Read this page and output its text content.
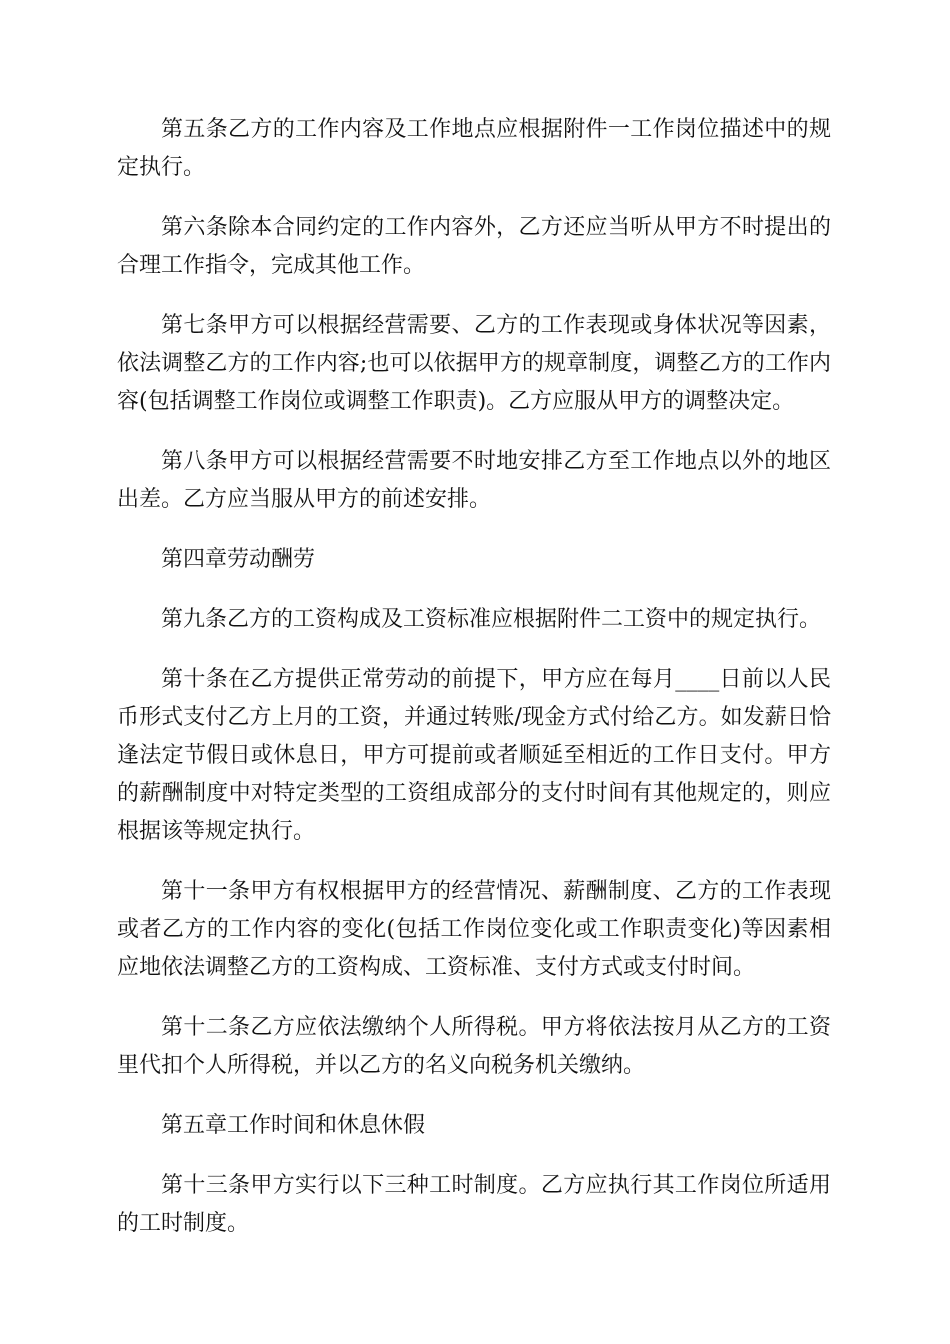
第五条乙方的工作内容及工作地点应根据附件一工作岗位描述中的规定执行。

第六条除本合同约定的工作内容外，乙方还应当听从甲方不时提出的合理工作指令，完成其他工作。

第七条甲方可以根据经营需要、乙方的工作表现或身体状况等因素，依法调整乙方的工作内容;也可以依据甲方的规章制度，调整乙方的工作内容(包括调整工作岗位或调整工作职责)。乙方应服从甲方的调整决定。

第八条甲方可以根据经营需要不时地安排乙方至工作地点以外的地区出差。乙方应当服从甲方的前述安排。

第四章劳动酬劳

第九条乙方的工资构成及工资标准应根据附件二工资中的规定执行。

第十条在乙方提供正常劳动的前提下，甲方应在每月____日前以人民币形式支付乙方上月的工资，并通过转账/现金方式付给乙方。如发薪日恰逢法定节假日或休息日，甲方可提前或者顺延至相近的工作日支付。甲方的薪酬制度中对特定类型的工资组成部分的支付时间有其他规定的，则应根据该等规定执行。

第十一条甲方有权根据甲方的经营情况、薪酬制度、乙方的工作表现或者乙方的工作内容的变化(包括工作岗位变化或工作职责变化)等因素相应地依法调整乙方的工资构成、工资标准、支付方式或支付时间。

第十二条乙方应依法缴纳个人所得税。甲方将依法按月从乙方的工资里代扣个人所得税，并以乙方的名义向税务机关缴纳。

第五章工作时间和休息休假

第十三条甲方实行以下三种工时制度。乙方应执行其工作岗位所适用的工时制度。
